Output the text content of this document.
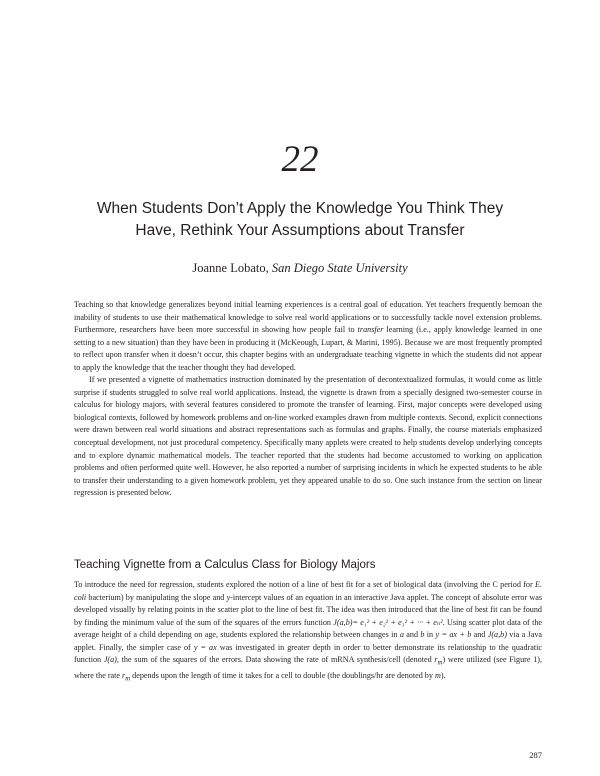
22
When Students Don’t Apply the Knowledge You Think They
Have, Rethink Your Assumptions about Transfer
Joanne Lobato, San Diego State University

Teaching so that knowledge generalizes beyond initial learning experiences is a central goal of education. Yet teachers frequently bemoan the inability of students to use their mathematical knowledge to solve real world applications or to successfully tackle novel extension problems. Furthermore, researchers have been more successful in showing how people fail to transfer learning (i.e., apply knowledge learned in one setting to a new situation) than they have been in producing it (McKeough, Lupart, & Marini, 1995). Because we are most frequently prompted to reflect upon transfer when it doesn’t occur, this chapter begins with an undergraduate teaching vignette in which the students did not appear to apply the knowledge that the teacher thought they had developed.

If we presented a vignette of mathematics instruction dominated by the presentation of decontextualized formulas, it would come as little surprise if students struggled to solve real world applications. Instead, the vignette is drawn from a specially designed two-semester course in calculus for biology majors, with several features considered to promote the transfer of learning. First, major concepts were developed using biological contexts, followed by homework problems and on-line worked examples drawn from multiple contexts. Second, explicit connections were drawn between real world situations and abstract representations such as formulas and graphs. Finally, the course materials emphasized conceptual development, not just procedural competency. Specifically many applets were created to help students develop underlying concepts and to explore dynamic mathematical models. The teacher reported that the students had become accustomed to working on application problems and often performed quite well. However, he also reported a number of surprising incidents in which he expected students to be able to transfer their understanding to a given homework problem, yet they appeared unable to do so. One such instance from the section on linear regression is presented below.

Teaching Vignette from a Calculus Class for Biology Majors

To introduce the need for regression, students explored the notion of a line of best fit for a set of biological data (involving the C period for E. coli bacterium) by manipulating the slope and y-intercept values of an equation in an interactive Java applet. The concept of absolute error was developed visually by relating points in the scatter plot to the line of best fit. The idea was then introduced that the line of best fit can be found by finding the minimum value of the sum of the squares of the errors function J(a,b)= e₁² + e₂² + e₃² + ··· + eₙ². Using scatter plot data of the average height of a child depending on age, students explored the relationship between changes in a and b in y = ax + b and J(a,b) via a Java applet. Finally, the simpler case of y = ax was investigated in greater depth in order to better demonstrate its relationship to the quadratic function J(a), the sum of the squares of the errors. Data showing the rate of mRNA synthesis/cell (denoted $r_m$) were utilized (see Figure 1), where the rate $r_m$ depends upon the length of time it takes for a cell to double (the doublings/hr are denoted by m).

287
